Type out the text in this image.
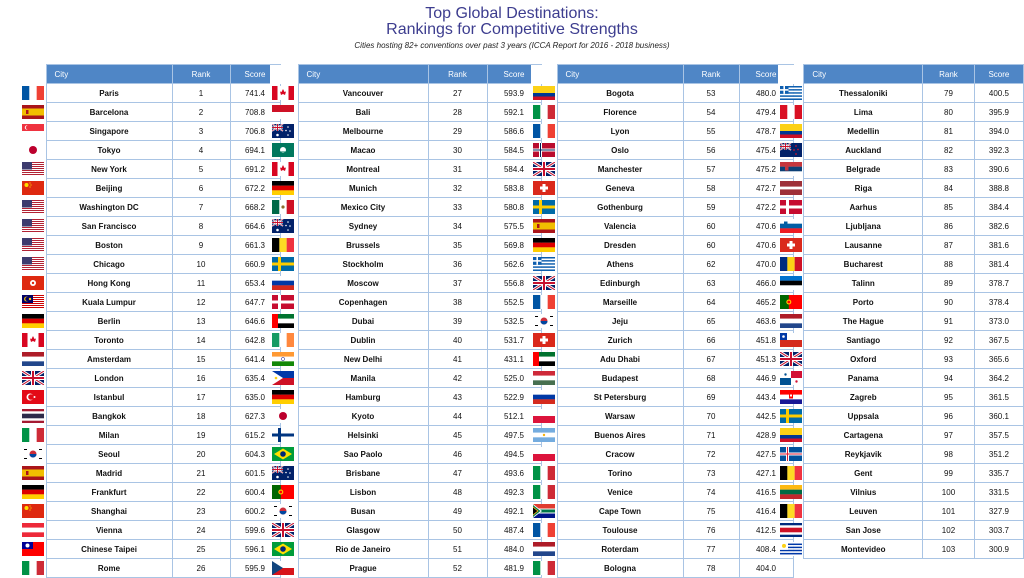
Top Global Destinations:
Rankings for Competitive Strengths
Cities hosting 82+ conventions over past 3 years (ICCA Report for 2016 - 2018 business)
	City	Rank	Score

	Paris	1	741.4

	Barcelona	2	708.8

	Singapore	3	706.8

	Tokyo	4	694.1

	New York	5	691.2

	Beijing	6	672.2

	Washington DC	7	668.2

	San Francisco	8	664.6

	Boston	9	661.3

	Chicago	10	660.9

	Hong Kong	11	653.4

	Kuala Lumpur	12	647.7

	Berlin	13	646.6

	Toronto	14	642.8

	Amsterdam	15	641.4

	London	16	635.4

	Istanbul	17	635.0

	Bangkok	18	627.3

	Milan	19	615.2

	Seoul	20	604.3

	Madrid	21	601.5

	Frankfurt	22	600.4

	Shanghai	23	600.2

	Vienna	24	599.6

	Chinese Taipei	25	596.1

	Rome	26	595.9
	City	Rank	Score

	Vancouver	27	593.9

	Bali	28	592.1

	Melbourne	29	586.6

	Macao	30	584.5

	Montreal	31	584.4

	Munich	32	583.8

	Mexico City	33	580.8

	Sydney	34	575.5

	Brussels	35	569.8

	Stockholm	36	562.6

	Moscow	37	556.8

	Copenhagen	38	552.5

	Dubai	39	532.5

	Dublin	40	531.7

	New Delhi	41	431.1

	Manila	42	525.0

	Hamburg	43	522.9

	Kyoto	44	512.1

	Helsinki	45	497.5

	Sao Paolo	46	494.5

	Brisbane	47	493.6

	Lisbon	48	492.3

	Busan	49	492.1

	Glasgow	50	487.4

	Rio de Janeiro	51	484.0

	Prague	52	481.9
	City	Rank	Score

	Bogota	53	480.0

	Florence	54	479.4

	Lyon	55	478.7

	Oslo	56	475.4

	Manchester	57	475.2

	Geneva	58	472.7

	Gothenburg	59	472.2

	Valencia	60	470.6

	Dresden	60	470.6

	Athens	62	470.0

	Edinburgh	63	466.0

	Marseille	64	465.2

	Jeju	65	463.6

	Zurich	66	451.8

	Adu Dhabi	67	451.3

	Budapest	68	446.9

	St Petersburg	69	443.4

	Warsaw	70	442.5

	Buenos Aires	71	428.9

	Cracow	72	427.5

	Torino	73	427.1

	Venice	74	416.5

	Cape Town	75	416.4

	Toulouse	76	412.5

	Roterdam	77	408.4

	Bologna	78	404.0
	City	Rank	Score

	Thessaloniki	79	400.5

	Lima	80	395.9

	Medellin	81	394.0

	Auckland	82	392.3

	Belgrade	83	390.6

	Riga	84	388.8

	Aarhus	85	384.4

	Ljubljana	86	382.6

	Lausanne	87	381.6

	Bucharest	88	381.4

	Talinn	89	378.7

	Porto	90	378.4

	The Hague	91	373.0

	Santiago	92	367.5

	Oxford	93	365.6

	Panama	94	364.2

	Zagreb	95	361.5

	Uppsala	96	360.1

	Cartagena	97	357.5

	Reykjavik	98	351.2

	Gent	99	335.7

	Vilnius	100	331.5

	Leuven	101	327.9

	San Jose	102	303.7

	Montevideo	103	300.9
